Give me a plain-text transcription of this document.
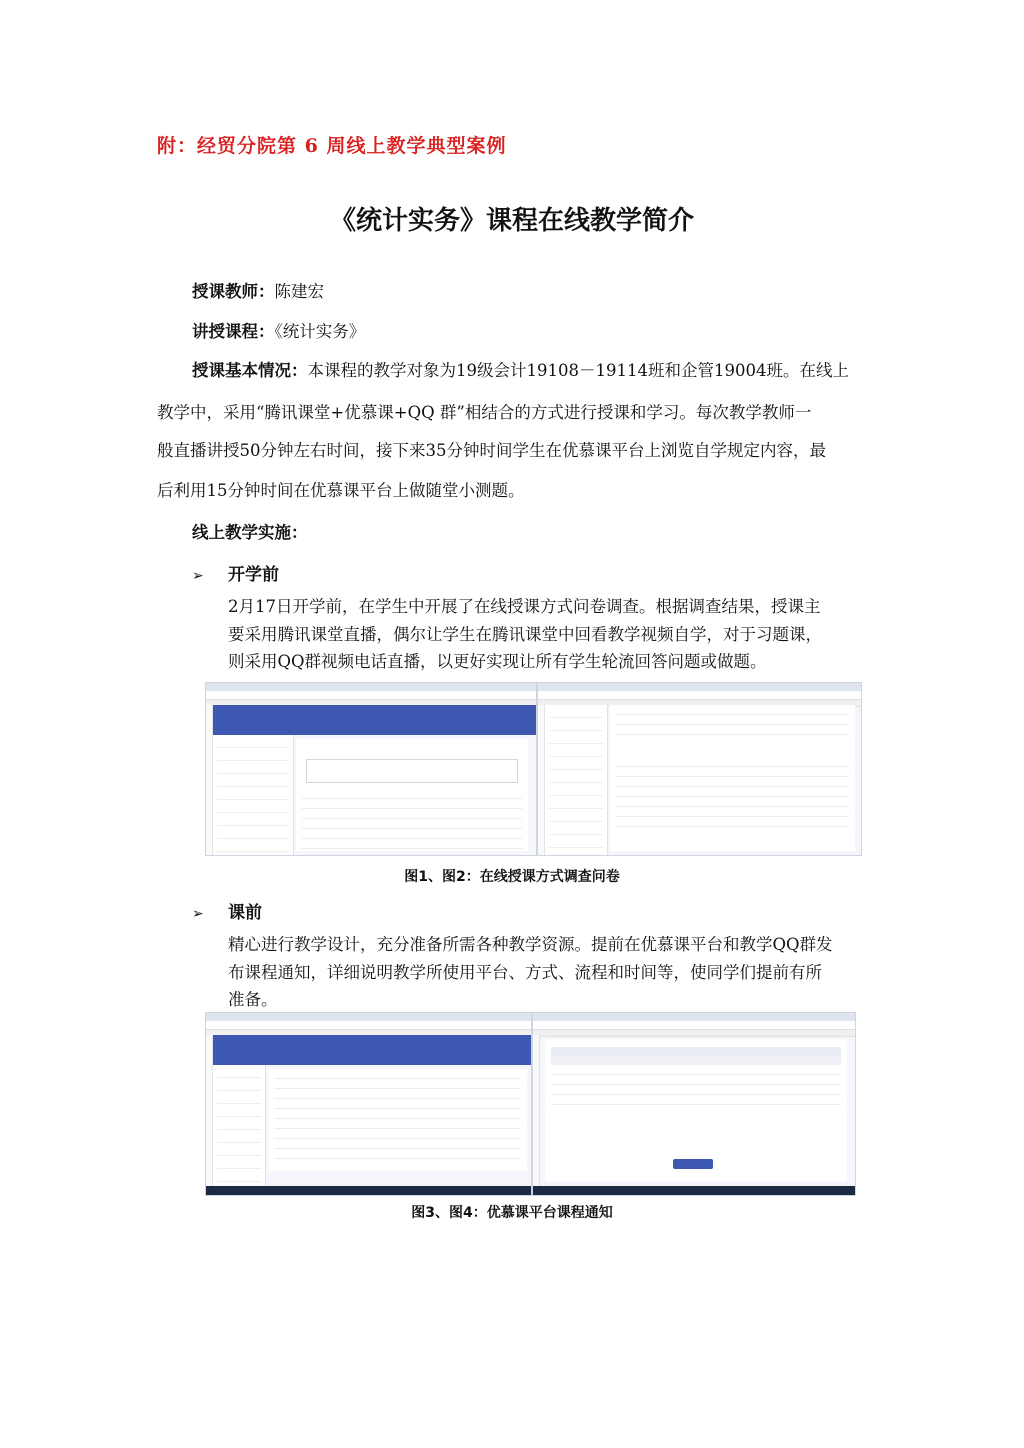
附：经贸分院第 6 周线上教学典型案例
《统计实务》课程在线教学简介
授课教师：陈建宏
讲授课程：《统计实务》
授课基本情况：本课程的教学对象为19级会计19108－19114班和企管19004班。在线上
教学中，采用“腾讯课堂+优慕课+QQ 群”相结合的方式进行授课和学习。每次教学教师一
般直播讲授50分钟左右时间，接下来35分钟时间学生在优慕课平台上浏览自学规定内容，最
后利用15分钟时间在优慕课平台上做随堂小测题。
线上教学实施：
➢ 开学前
2月17日开学前，在学生中开展了在线授课方式问卷调查。根据调查结果，授课主
要采用腾讯课堂直播，偶尔让学生在腾讯课堂中回看教学视频自学，对于习题课，
则采用QQ群视频电话直播，以更好实现让所有学生轮流回答问题或做题。
图1、图2：在线授课方式调查问卷
➢ 课前
精心进行教学设计，充分准备所需各种教学资源。提前在优慕课平台和教学QQ群发
布课程通知，详细说明教学所使用平台、方式、流程和时间等，使同学们提前有所
准备。
图3、图4：优慕课平台课程通知
